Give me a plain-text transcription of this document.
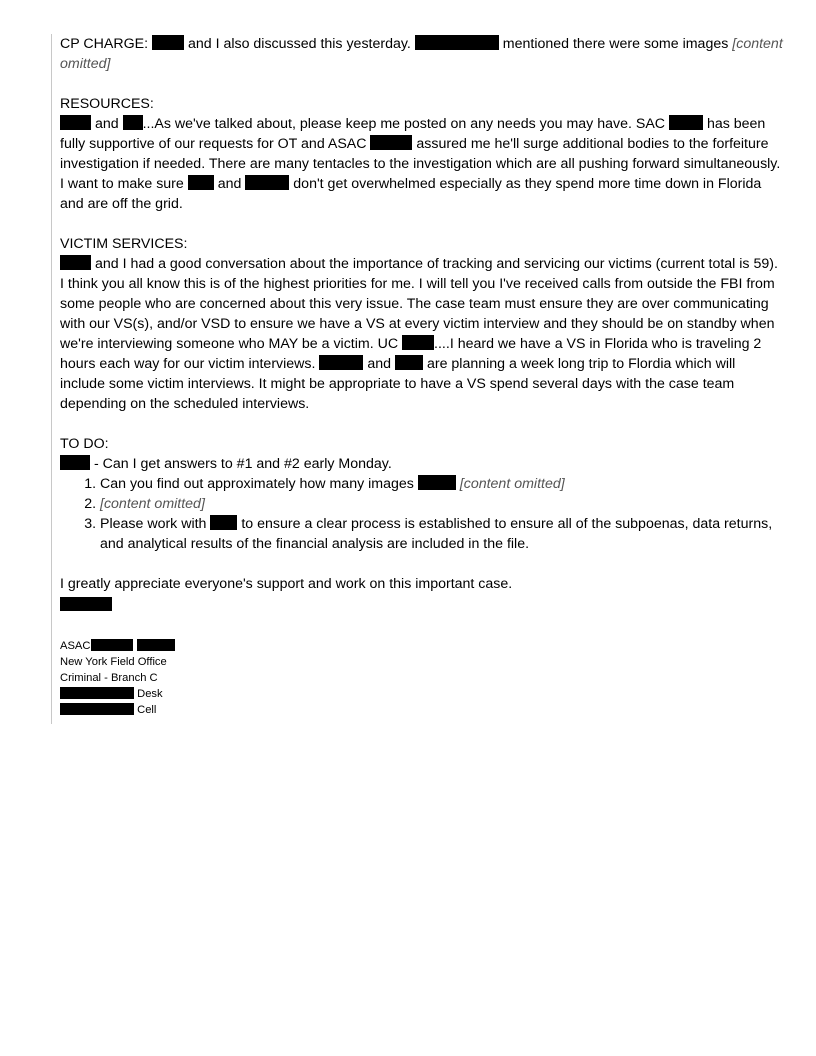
CP CHARGE:	and I also discussed this yesterday.	mentioned there were some images [content omitted]

RESOURCES:

and ...As we've talked about, please keep me posted on any needs you may have. SAC	has been fully supportive of our requests for OT and ASAC	assured me he'll surge additional bodies to the forfeiture investigation if needed. There are many tentacles to the investigation which are all pushing forward simultaneously. I want to make sure and	don't get overwhelmed especially as they spend more time down in Florida and are off the grid.

VICTIM SERVICES:

and I had a good conversation about the importance of tracking and servicing our victims (current total is 59). I think you all know this is of the highest priorities for me. I will tell you I've received calls from outside the FBI from some people who are concerned about this very issue. The case team must ensure they are over communicating with our VS(s), and/or VSD to ensure we have a VS at every victim interview and they should be on standby when we're interviewing someone who MAY be a victim. UC	....I heard we have a VS in Florida who is traveling 2 hours each way for our victim interviews.	and	are planning a week long trip to Flordia which will include some victim interviews. It might be appropriate to have a VS spend several days with the case team depending on the scheduled interviews.

TO DO:

- Can I get answers to #1 and #2 early Monday.

1. Can you find out approximately how many images	[content omitted]
2. [content omitted]
3. Please work with to ensure a clear process is established to ensure all of the subpoenas, data returns, and analytical results of the financial analysis are included in the file.

I greatly appreciate everyone's support and work on this important case.

ASAC

New York Field Office

Criminal - Branch C

Desk

Cell
